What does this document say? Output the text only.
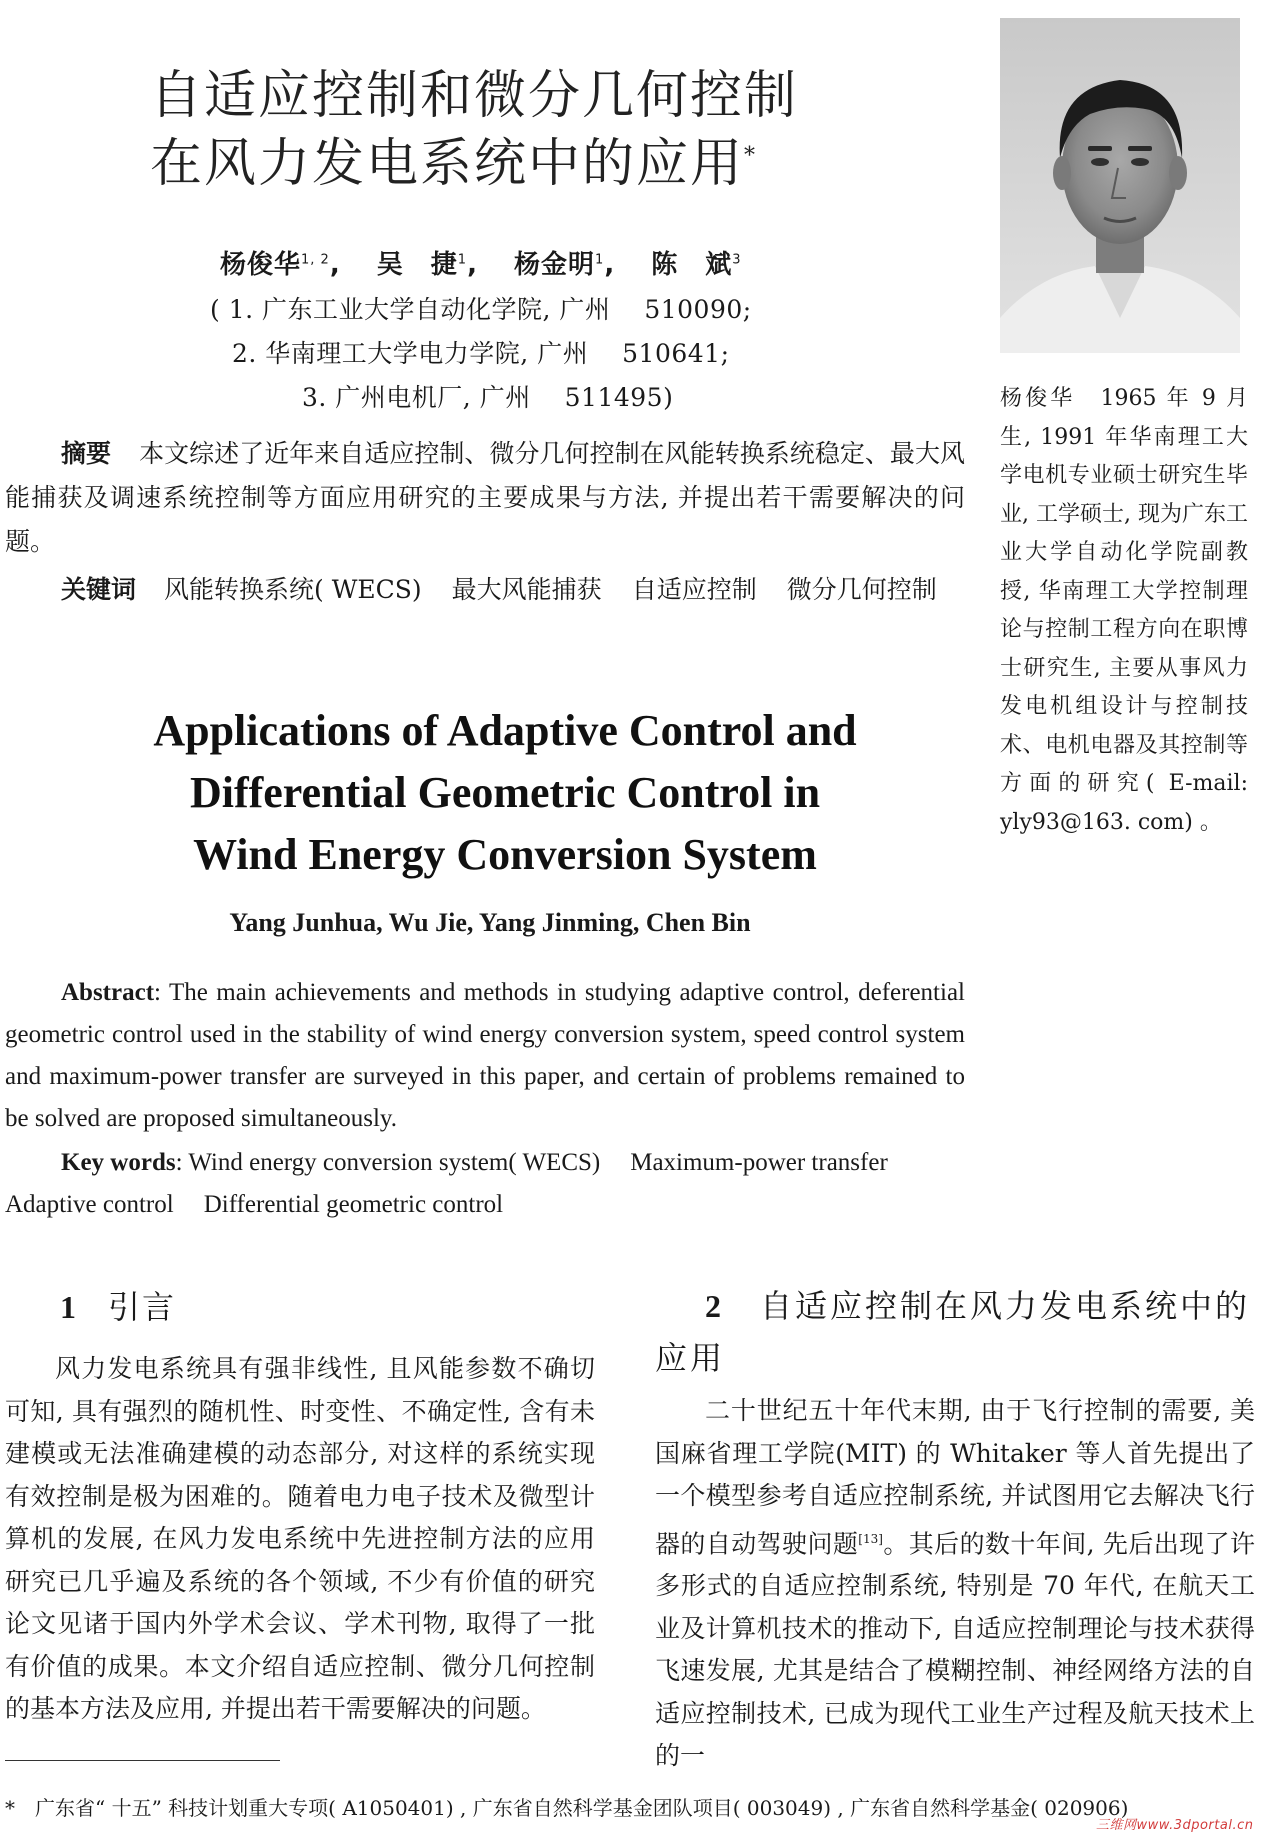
自适应控制和微分几何控制
在风力发电系统中的应用*
杨俊华$^{1, 2}$, 吴　捷$^1$, 杨金明$^1$, 陈　斌$^3$
( 1. 广东工业大学自动化学院, 广州　 510090;
2. 华南理工大学电力学院, 广州　 510641;
3. 广州电机厂, 广州　 511495)
摘要 本文综述了近年来自适应控制、微分几何控制在风能转换系统稳定、最大风能捕获及调速系统控制等方面应用研究的主要成果与方法, 并提出若干需要解决的问题。
关键词 风能转换系统( WECS) 最大风能捕获 自适应控制 微分几何控制
杨俊华　1965 年 9 月生, 1991 年华南理工大学电机专业硕士研究生毕业, 工学硕士, 现为广东工业大学自动化学院副教授, 华南理工大学控制理论与控制工程方向在职博士研究生, 主要从事风力发电机组设计与控制技术、电机电器及其控制等方面的研究( E-mail: yly93@163. com) 。
Applications of Adaptive Control and
Differential Geometric Control in
Wind Energy Conversion System
Yang Junhua, Wu Jie, Yang Jinming, Chen Bin
Abstract: The main achievements and methods in studying adaptive control, deferential geometric control used in the stability of wind energy conversion system, speed control system and maximum-power transfer are surveyed in this paper, and certain of problems remained to be solved are proposed simultaneously.
Key words: Wind energy conversion system( WECS) Maximum-power transfer Adaptive control Differential geometric control
1 引言

风力发电系统具有强非线性, 且风能参数不确切可知, 具有强烈的随机性、时变性、不确定性, 含有未建模或无法准确建模的动态部分, 对这样的系统实现有效控制是极为困难的。随着电力电子技术及微型计算机的发展, 在风力发电系统中先进控制方法的应用研究已几乎遍及系统的各个领域, 不少有价值的研究论文见诸于国内外学术会议、学术刊物, 取得了一批有价值的成果。本文介绍自适应控制、微分几何控制的基本方法及应用, 并提出若干需要解决的问题。

2 自适应控制在风力发电系统中的应用

二十世纪五十年代末期, 由于飞行控制的需要, 美国麻省理工学院(MIT) 的 Whitaker 等人首先提出了一个模型参考自适应控制系统, 并试图用它去解决飞行器的自动驾驶问题[13]。其后的数十年间, 先后出现了许多形式的自适应控制系统, 特别是 70 年代, 在航天工业及计算机技术的推动下, 自适应控制理论与技术获得飞速发展, 尤其是结合了模糊控制、神经网络方法的自适应控制技术, 已成为现代工业生产过程及航天技术上的一

*　广东省“ 十五” 科技计划重大专项( A1050401) , 广东省自然科学基金团队项目( 003049) , 广东省自然科学基金( 020906)
三维网www.3dportal.cn
